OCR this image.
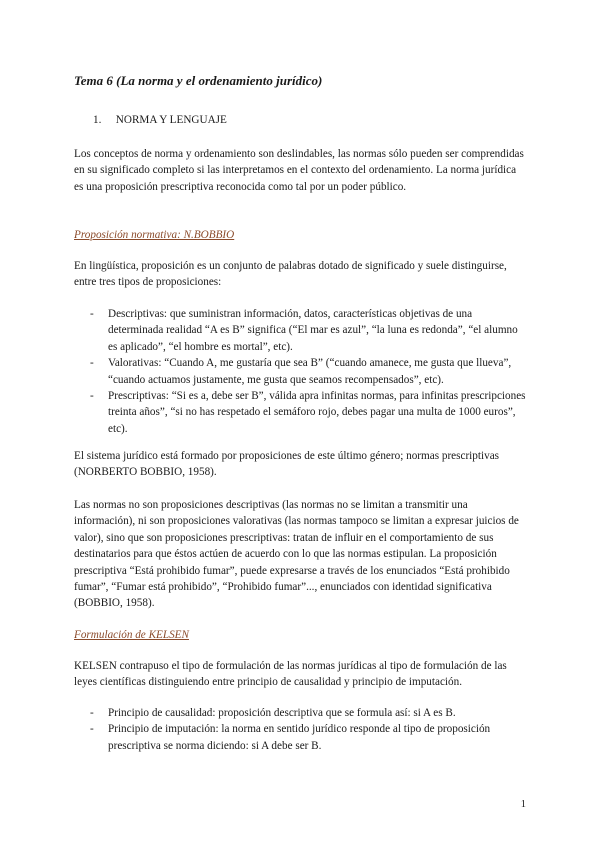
Tema 6 (La norma y el ordenamiento jurídico)
1. NORMA Y LENGUAJE

Los conceptos de norma y ordenamiento son deslindables, las normas sólo pueden ser comprendidas en su significado completo si las interpretamos en el contexto del ordenamiento. La norma jurídica es una proposición prescriptiva reconocida como tal por un poder público.

Proposición normativa: N.BOBBIO

En lingüística, proposición es un conjunto de palabras dotado de significado y suele distinguirse, entre tres tipos de proposiciones:

- Descriptivas: que suministran información, datos, características objetivas de una determinada realidad “A es B” significa (“El mar es azul”, “la luna es redonda”, “el alumno es aplicado”, “el hombre es mortal”, etc).
- Valorativas: “Cuando A, me gustaría que sea B” (“cuando amanece, me gusta que llueva”, “cuando actuamos justamente, me gusta que seamos recompensados”, etc).
- Prescriptivas: “Si es a, debe ser B”, válida apra infinitas normas, para infinitas prescripciones treinta años”, “si no has respetado el semáforo rojo, debes pagar una multa de 1000 euros”, etc).

El sistema jurídico está formado por proposiciones de este último género; normas prescriptivas (NORBERTO BOBBIO, 1958).

Las normas no son proposiciones descriptivas (las normas no se limitan a transmitir una información), ni son proposiciones valorativas (las normas tampoco se limitan a expresar juicios de valor), sino que son proposiciones prescriptivas: tratan de influir en el comportamiento de sus destinatarios para que éstos actúen de acuerdo con lo que las normas estipulan. La proposición prescriptiva “Está prohibido fumar”, puede expresarse a través de los enunciados “Está prohibido fumar”, “Fumar está prohibido”, “Prohibido fumar”..., enunciados con identidad significativa (BOBBIO, 1958).

Formulación de KELSEN

KELSEN contrapuso el tipo de formulación de las normas jurídicas al tipo de formulación de las leyes científicas distinguiendo entre principio de causalidad y principio de imputación.

- Principio de causalidad: proposición descriptiva que se formula así: si A es B.
- Principio de imputación: la norma en sentido jurídico responde al tipo de proposición prescriptiva se norma diciendo: si A debe ser B.
1
